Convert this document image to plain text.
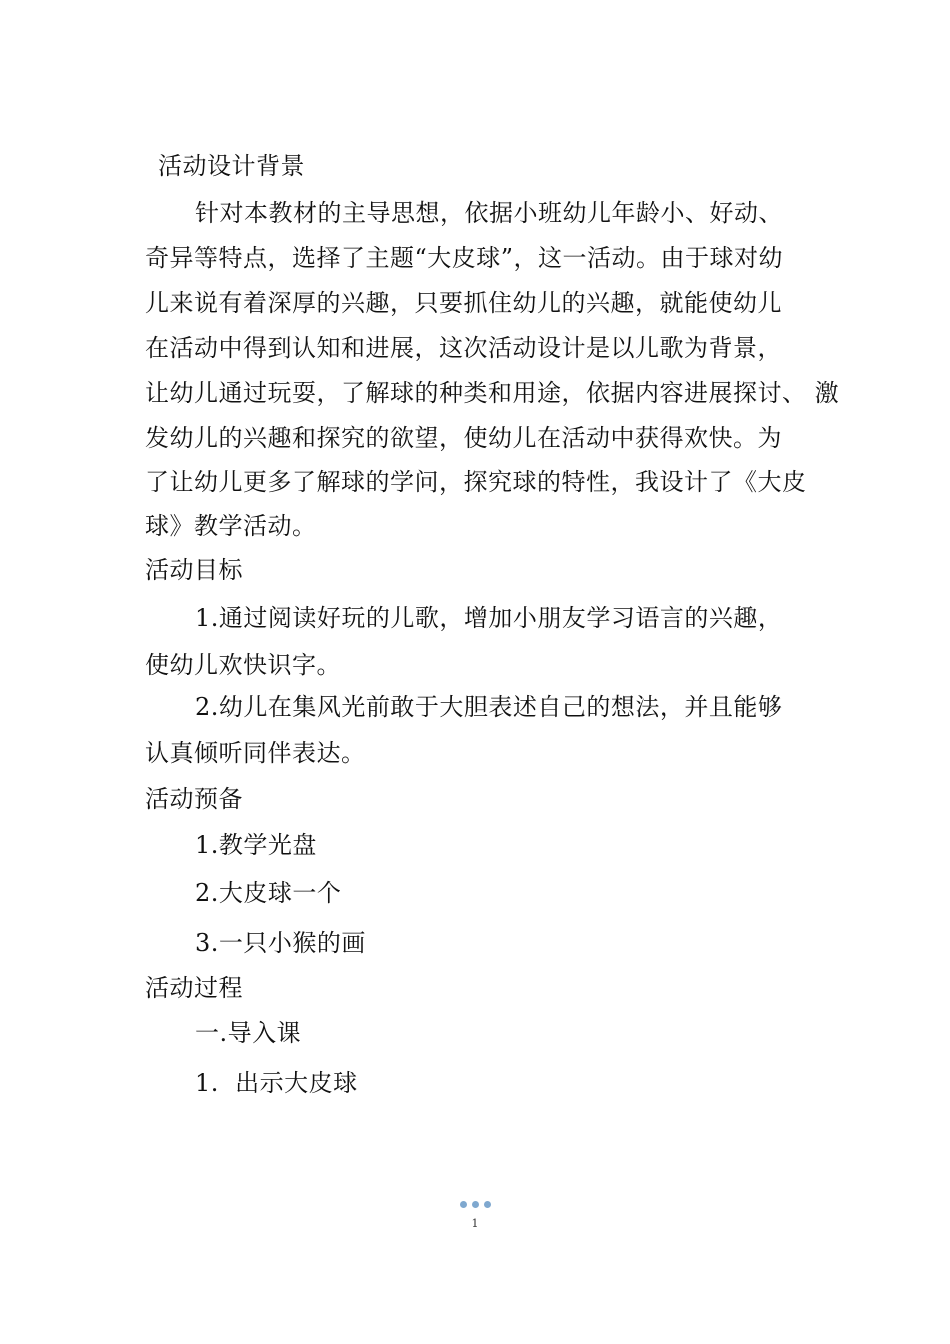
活动设计背景
针对本教材的主导思想，依据小班幼儿年龄小、好动、
奇异等特点，选择了主题“大皮球”，这一活动。由于球对幼
儿来说有着深厚的兴趣，只要抓住幼儿的兴趣，就能使幼儿
在活动中得到认知和进展，这次活动设计是以儿歌为背景，
让幼儿通过玩耍，了解球的种类和用途，依据内容进展探讨、 激
发幼儿的兴趣和探究的欲望，使幼儿在活动中获得欢快。为
了让幼儿更多了解球的学问，探究球的特性，我设计了《大皮
球》教学活动。
活动目标
1.通过阅读好玩的儿歌，增加小朋友学习语言的兴趣，
使幼儿欢快识字。
2.幼儿在集风光前敢于大胆表述自己的想法，并且能够
认真倾听同伴表达。
活动预备
1.教学光盘
2.大皮球一个
3.一只小猴的画
活动过程
一.导入课
1.  出示大皮球
1
